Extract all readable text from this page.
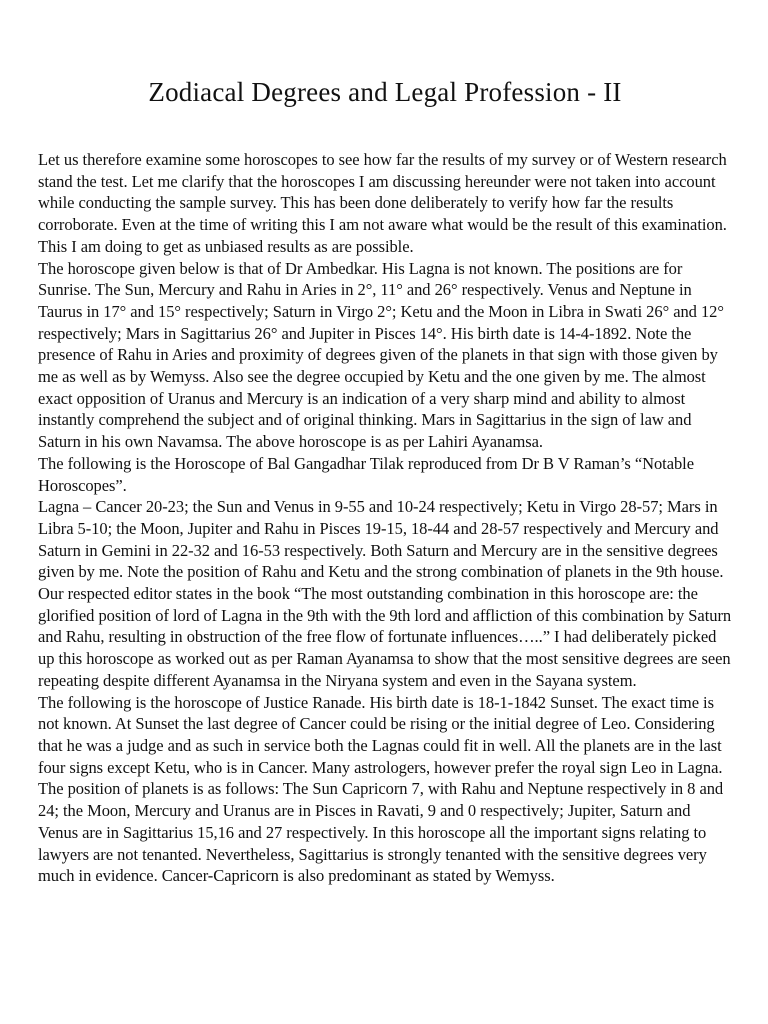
Zodiacal Degrees and Legal Profession - II

Let us therefore examine some horoscopes to see how far the results of my survey or of Western research stand the test. Let me clarify that the horoscopes I am discussing hereunder were not taken into account while conducting the sample survey. This has been done deliberately to verify how far the results corroborate. Even at the time of writing this I am not aware what would be the result of this examination. This I am doing to get as unbiased results as are possible.

The horoscope given below is that of Dr Ambedkar. His Lagna is not known. The positions are for Sunrise. The Sun, Mercury and Rahu in Aries in 2°, 11° and 26° respectively. Venus and Neptune in Taurus in 17° and 15° respectively; Saturn in Virgo 2°; Ketu and the Moon in Libra in Swati 26° and 12° respectively; Mars in Sagittarius 26° and Jupiter in Pisces 14°. His birth date is 14-4-1892. Note the presence of Rahu in Aries and proximity of degrees given of the planets in that sign with those given by me as well as by Wemyss. Also see the degree occupied by Ketu and the one given by me. The almost exact opposition of Uranus and Mercury is an indication of a very sharp mind and ability to almost instantly comprehend the subject and of original thinking. Mars in Sagittarius in the sign of law and Saturn in his own Navamsa. The above horoscope is as per Lahiri Ayanamsa.

The following is the Horoscope of Bal Gangadhar Tilak reproduced from Dr B V Raman’s “Notable Horoscopes”.

Lagna – Cancer 20-23; the Sun and Venus in 9-55 and 10-24 respectively; Ketu in Virgo 28-57; Mars in Libra 5-10; the Moon, Jupiter and Rahu in Pisces 19-15, 18-44 and 28-57 respectively and Mercury and Saturn in Gemini in 22-32 and 16-53 respectively. Both Saturn and Mercury are in the sensitive degrees given by me. Note the position of Rahu and Ketu and the strong combination of planets in the 9th house. Our respected editor states in the book “The most outstanding combination in this horoscope are: the glorified position of lord of Lagna in the 9th with the 9th lord and affliction of this combination by Saturn and Rahu, resulting in obstruction of the free flow of fortunate influences…..” I had deliberately picked up this horoscope as worked out as per Raman Ayanamsa to show that the most sensitive degrees are seen repeating despite different Ayanamsa in the Niryana system and even in the Sayana system.

The following is the horoscope of Justice Ranade. His birth date is 18-1-1842 Sunset. The exact time is not known. At Sunset the last degree of Cancer could be rising or the initial degree of Leo. Considering that he was a judge and as such in service both the Lagnas could fit in well. All the planets are in the last four signs except Ketu, who is in Cancer. Many astrologers, however prefer the royal sign Leo in Lagna. The position of planets is as follows: The Sun Capricorn 7, with Rahu and Neptune respectively in 8 and 24; the Moon, Mercury and Uranus are in Pisces in Ravati, 9 and 0 respectively; Jupiter, Saturn and Venus are in Sagittarius 15,16 and 27 respectively. In this horoscope all the important signs relating to lawyers are not tenanted. Nevertheless, Sagittarius is strongly tenanted with the sensitive degrees very much in evidence. Cancer-Capricorn is also predominant as stated by Wemyss.
